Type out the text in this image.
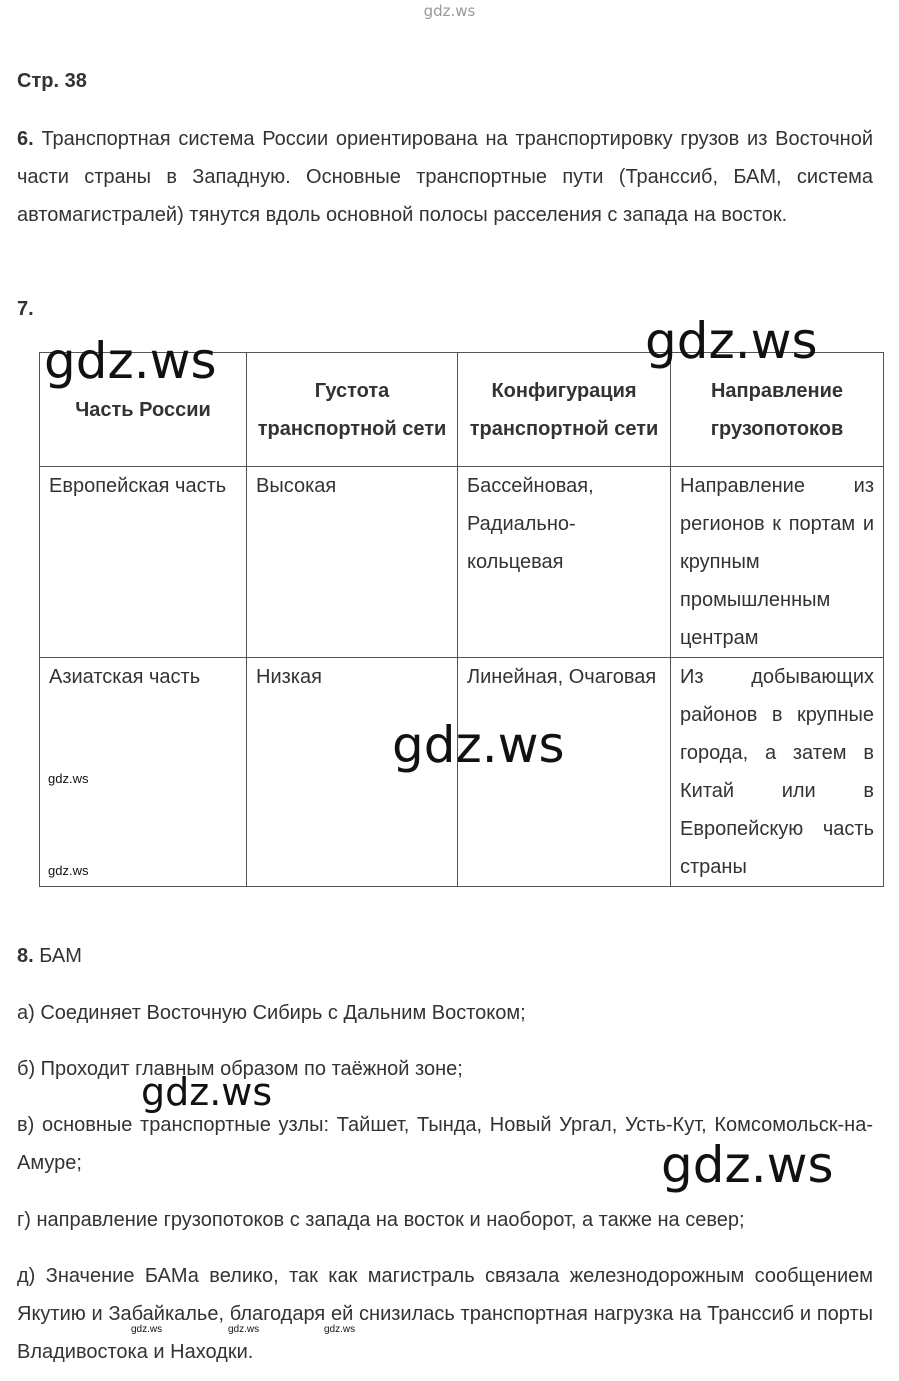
gdz.ws
Стр. 38
6. Транспортная система России ориентирована на транспортировку грузов из Восточной части страны в Западную. Основные транспортные пути (Транссиб, БАМ, система автомагистралей) тянутся вдоль основной полосы расселения с запада на восток.
7.
Часть России	Густота транспортной сети	Конфигурация транспортной сети	Направление грузопотоков
Европейская часть	Высокая	Бассейновая, Радиально-кольцевая	Направление из регионов к портам и крупным промышленным центрам
Азиатская часть	Низкая	Линейная, Очаговая	Из добывающих районов в крупные города, а затем в Китай или в Европейскую часть страны
8. БАМ
а) Соединяет Восточную Сибирь с Дальним Востоком;
б) Проходит главным образом по таёжной зоне;
в) основные транспортные узлы: Тайшет, Тында, Новый Ургал, Усть-Кут, Комсомольск-на-Амуре;
г) направление грузопотоков с запада на восток и наоборот, а также на север;
д) Значение БАМа велико, так как магистраль связала железнодорожным сообщением Якутию и Забайкалье, благодаря ей снизилась транспортная нагрузка на Транссиб и порты Владивостока и Находки.
gdz.ws	gdz.ws
gdz.ws
gdz.ws
gdz.ws
gdz.ws
gdz.ws
gdz.ws	gdz.ws	gdz.ws
